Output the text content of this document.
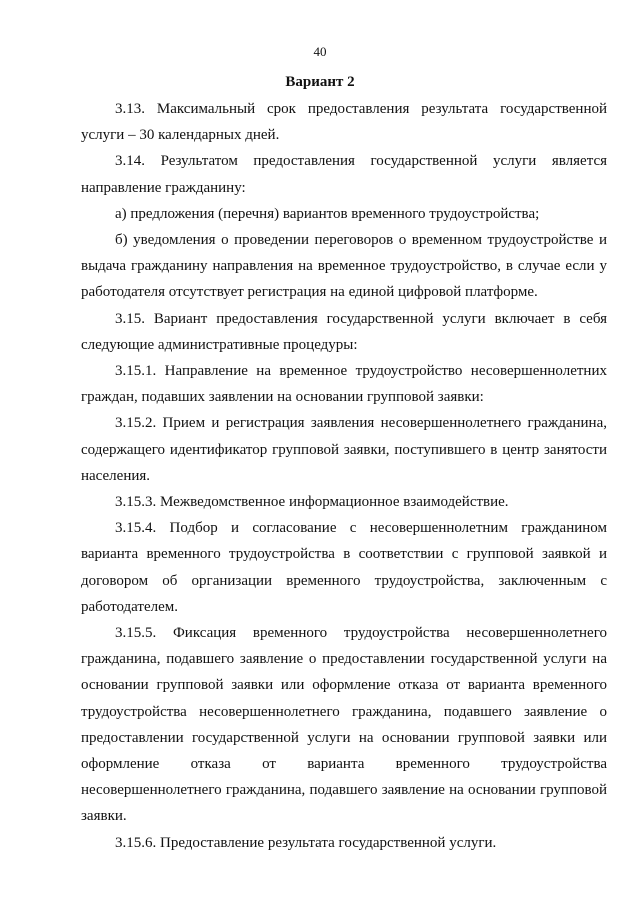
40
Вариант 2

3.13. Максимальный срок предоставления результата государственной услуги – 30 календарных дней.

3.14. Результатом предоставления государственной услуги является направление гражданину:

а) предложения (перечня) вариантов временного трудоустройства;

б) уведомления о проведении переговоров о временном трудоустройстве и выдача гражданину направления на временное трудоустройство, в случае если у работодателя отсутствует регистрация на единой цифровой платформе.

3.15. Вариант предоставления государственной услуги включает в себя следующие административные процедуры:

3.15.1. Направление на временное трудоустройство несовершеннолетних граждан, подавших заявлении на основании групповой заявки:

3.15.2. Прием и регистрация заявления несовершеннолетнего гражданина, содержащего идентификатор групповой заявки, поступившего в центр занятости населения.

3.15.3. Межведомственное информационное взаимодействие.

3.15.4. Подбор и согласование с несовершеннолетним гражданином варианта временного трудоустройства в соответствии с групповой заявкой и договором об организации временного трудоустройства, заключенным с работодателем.

3.15.5. Фиксация временного трудоустройства несовершеннолетнего гражданина, подавшего заявление о предоставлении государственной услуги на основании групповой заявки или оформление отказа от варианта временного трудоустройства несовершеннолетнего гражданина, подавшего заявление о предоставлении государственной услуги на основании групповой заявки или оформление отказа от варианта временного трудоустройства несовершеннолетнего гражданина, подавшего заявление на основании групповой заявки.

3.15.6. Предоставление результата государственной услуги.
